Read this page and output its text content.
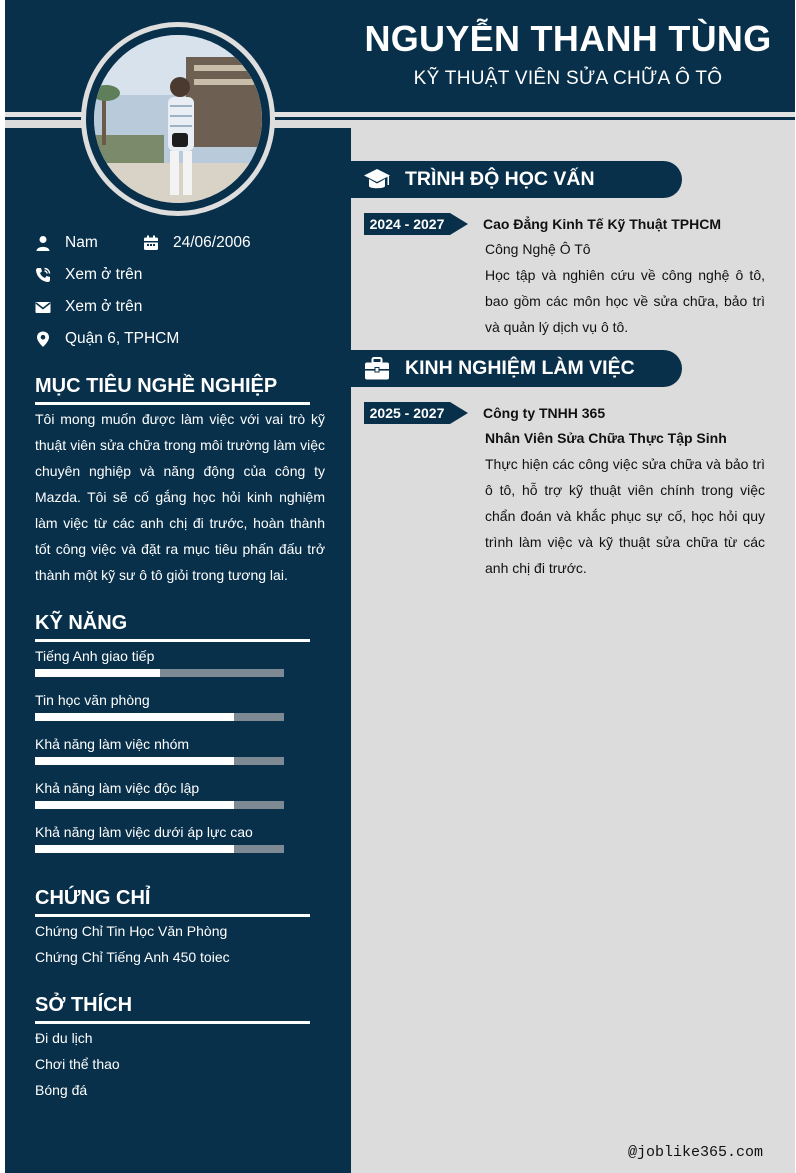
NGUYỄN THANH TÙNG
KỸ THUẬT VIÊN SỬA CHỮA Ô TÔ
Nam	24/06/2006
Xem ở trên
Xem ở trên
Quận 6, TPHCM
MỤC TIÊU NGHỀ NGHIỆP
Tôi mong muốn được làm việc với vai trò kỹ thuật viên sửa chữa trong môi trường làm việc chuyên nghiệp và năng động của công ty Mazda. Tôi sẽ cố gắng học hỏi kinh nghiệm làm việc từ các anh chị đi trước, hoàn thành tốt công việc và đặt ra mục tiêu phấn đấu trở thành một kỹ sư ô tô giỏi trong tương lai.
KỸ NĂNG
Tiếng Anh giao tiếp
Tin học văn phòng
Khả năng làm việc nhóm
Khả năng làm việc độc lập
Khả năng làm việc dưới áp lực cao
CHỨNG CHỈ
Chứng Chỉ Tin Học Văn Phòng
Chứng Chỉ Tiếng Anh 450 toiec
SỞ THÍCH
Đi du lịch
Chơi thể thao
Bóng đá
TRÌNH ĐỘ HỌC VẤN
2024 - 2027	Cao Đẳng Kinh Tế Kỹ Thuật TPHCM
Công Nghệ Ô Tô
Học tập và nghiên cứu về công nghệ ô tô, bao gồm các môn học về sửa chữa, bảo trì và quản lý dịch vụ ô tô.
KINH NGHIỆM LÀM VIỆC
2025 - 2027	Công ty TNHH 365
Nhân Viên Sửa Chữa Thực Tập Sinh
Thực hiện các công việc sửa chữa và bảo trì ô tô, hỗ trợ kỹ thuật viên chính trong việc chẩn đoán và khắc phục sự cố, học hỏi quy trình làm việc và kỹ thuật sửa chữa từ các anh chị đi trước.
@joblike365.com
